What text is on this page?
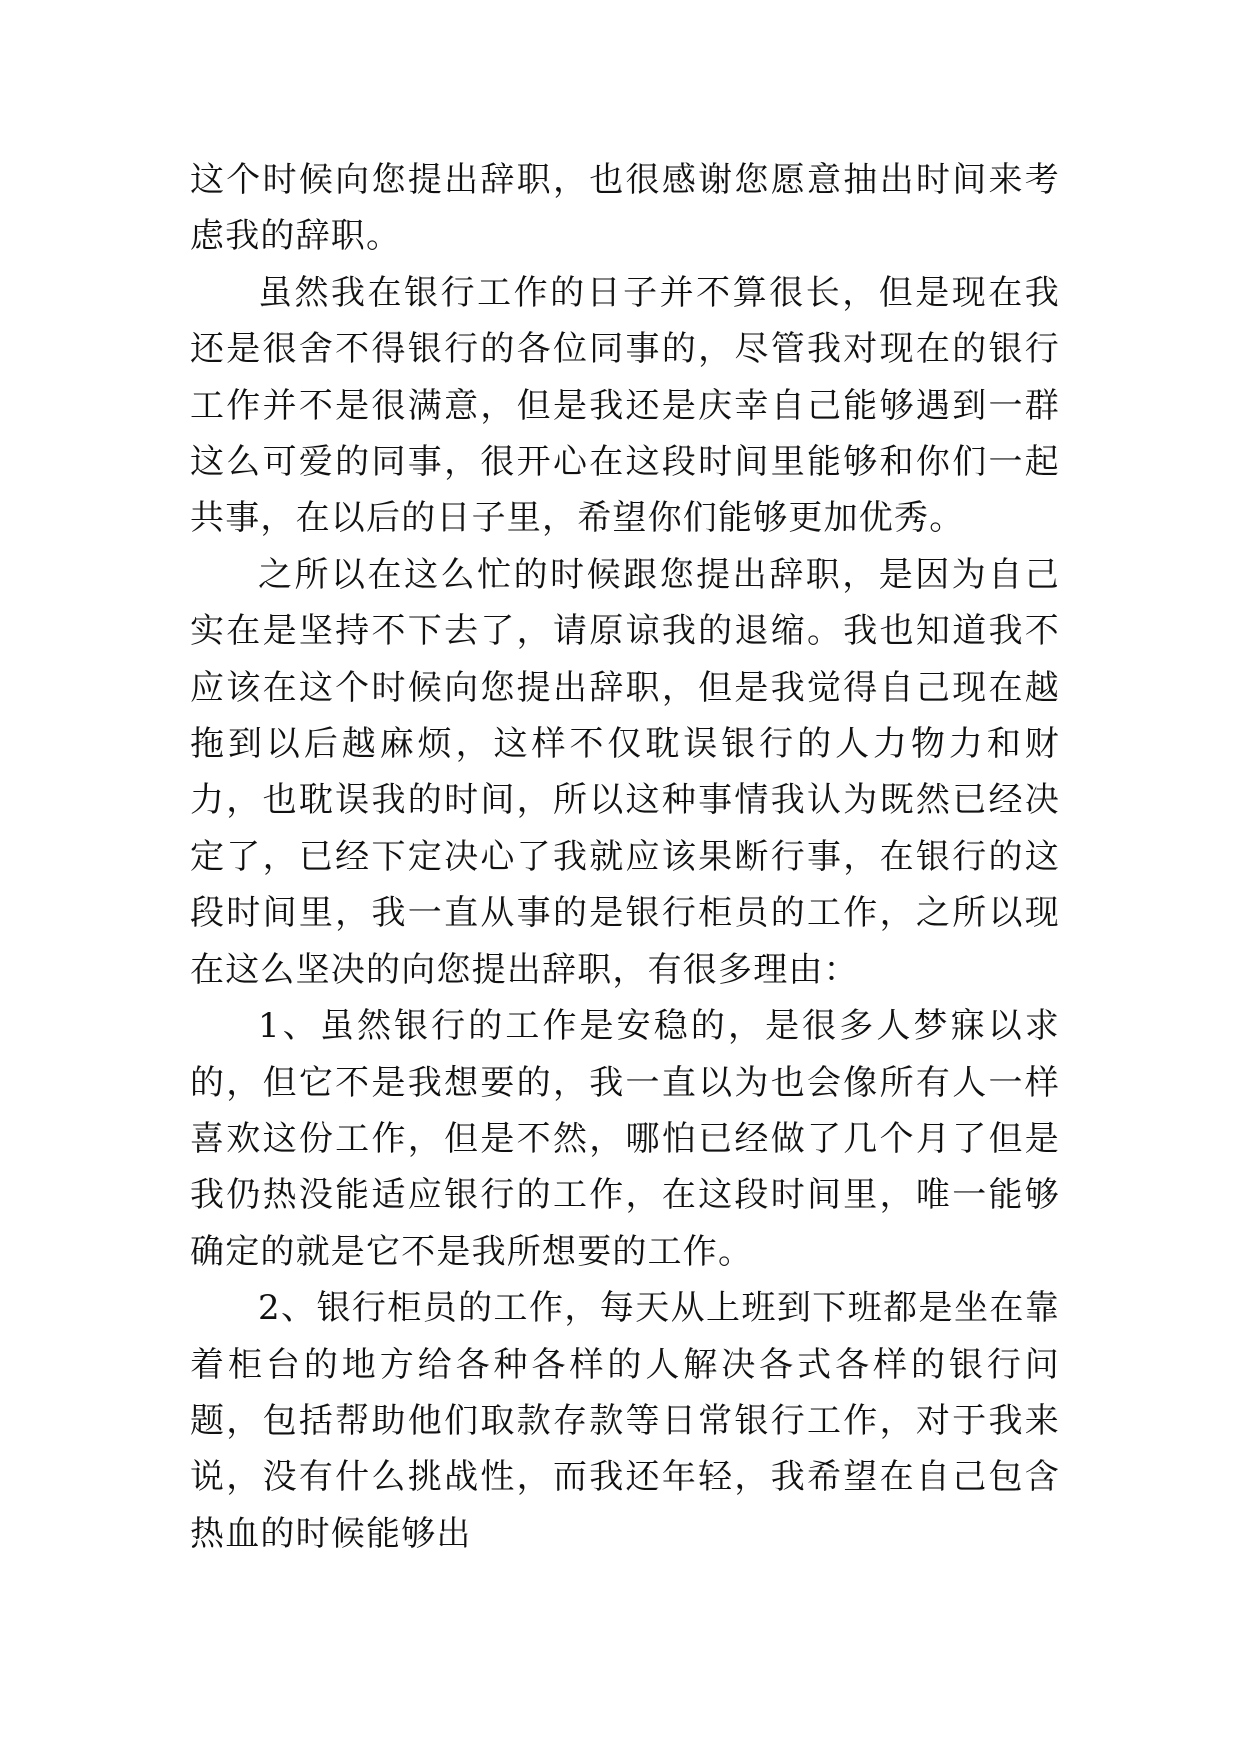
这个时候向您提出辞职，也很感谢您愿意抽出时间来考虑我的辞职。

虽然我在银行工作的日子并不算很长，但是现在我还是很舍不得银行的各位同事的，尽管我对现在的银行工作并不是很满意，但是我还是庆幸自己能够遇到一群这么可爱的同事，很开心在这段时间里能够和你们一起共事，在以后的日子里，希望你们能够更加优秀。

之所以在这么忙的时候跟您提出辞职，是因为自己实在是坚持不下去了，请原谅我的退缩。我也知道我不应该在这个时候向您提出辞职，但是我觉得自己现在越拖到以后越麻烦，这样不仅耽误银行的人力物力和财力，也耽误我的时间，所以这种事情我认为既然已经决定了，已经下定决心了我就应该果断行事，在银行的这段时间里，我一直从事的是银行柜员的工作，之所以现在这么坚决的向您提出辞职，有很多理由：

1、虽然银行的工作是安稳的，是很多人梦寐以求的，但它不是我想要的，我一直以为也会像所有人一样喜欢这份工作，但是不然，哪怕已经做了几个月了但是我仍热没能适应银行的工作，在这段时间里，唯一能够确定的就是它不是我所想要的工作。

2、银行柜员的工作，每天从上班到下班都是坐在靠着柜台的地方给各种各样的人解决各式各样的银行问题，包括帮助他们取款存款等日常银行工作，对于我来说，没有什么挑战性，而我还年轻，我希望在自己包含热血的时候能够出
